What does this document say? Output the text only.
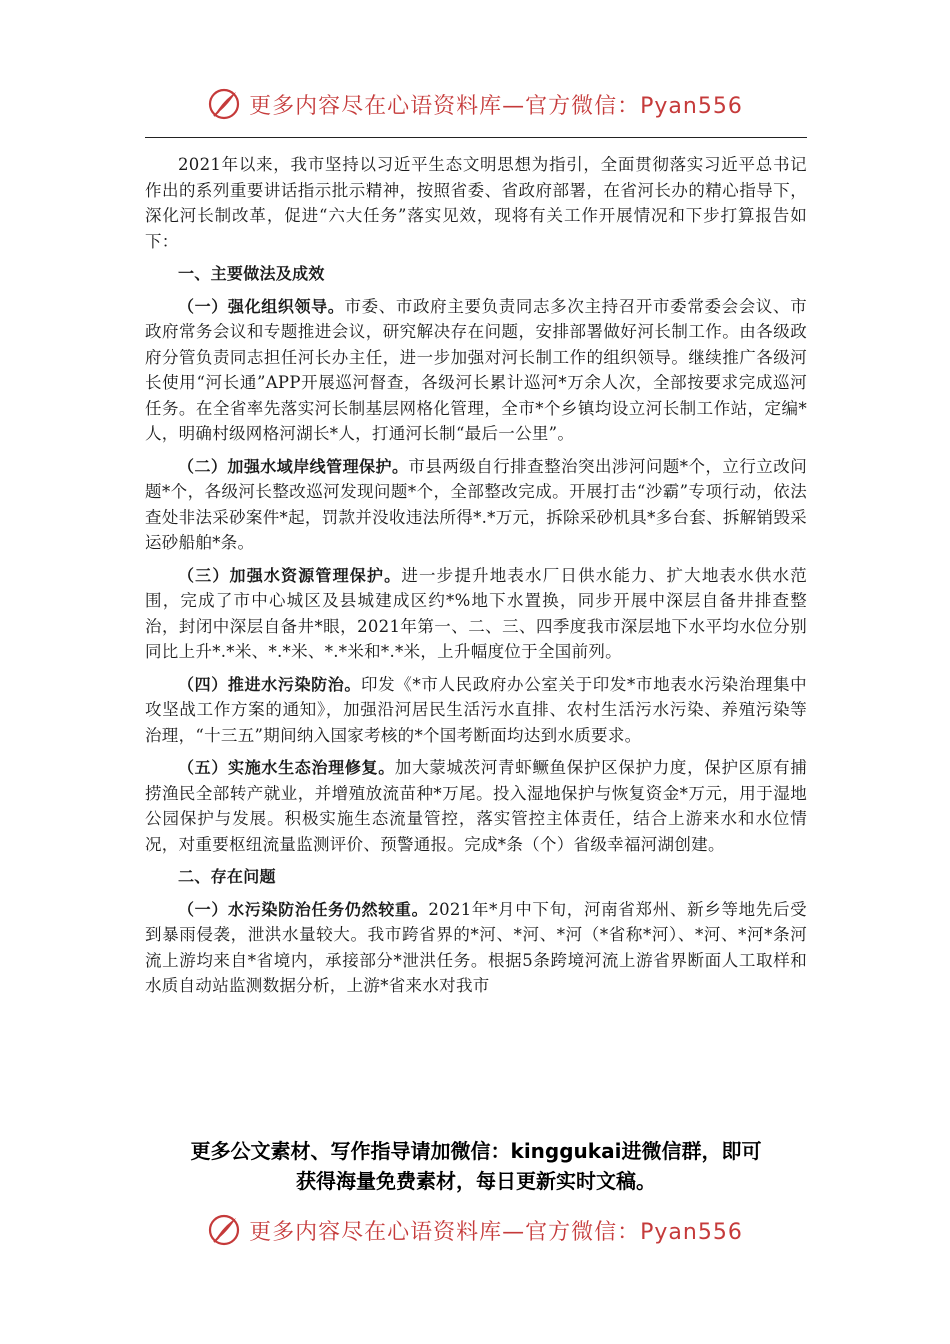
更多内容尽在心语资料库—官方微信：Pyan556

2021年以来，我市坚持以习近平生态文明思想为指引，全面贯彻落实习近平总书记作出的系列重要讲话指示批示精神，按照省委、省政府部署，在省河长办的精心指导下，深化河长制改革，促进“六大任务”落实见效，现将有关工作开展情况和下步打算报告如下：

一、主要做法及成效

（一）强化组织领导。市委、市政府主要负责同志多次主持召开市委常委会会议、市政府常务会议和专题推进会议，研究解决存在问题，安排部署做好河长制工作。由各级政府分管负责同志担任河长办主任，进一步加强对河长制工作的组织领导。继续推广各级河长使用“河长通”APP开展巡河督查，各级河长累计巡河*万余人次，全部按要求完成巡河任务。在全省率先落实河长制基层网格化管理，全市*个乡镇均设立河长制工作站，定编*人，明确村级网格河湖长*人，打通河长制“最后一公里”。

（二）加强水域岸线管理保护。市县两级自行排查整治突出涉河问题*个，立行立改问题*个，各级河长整改巡河发现问题*个，全部整改完成。开展打击“沙霸”专项行动，依法查处非法采砂案件*起，罚款并没收违法所得*.*万元，拆除采砂机具*多台套、拆解销毁采运砂船舶*条。

（三）加强水资源管理保护。进一步提升地表水厂日供水能力、扩大地表水供水范围，完成了市中心城区及县城建成区约*%地下水置换，同步开展中深层自备井排查整治，封闭中深层自备井*眼，2021年第一、二、三、四季度我市深层地下水平均水位分别同比上升*.*米、*.*米、*.*米和*.*米，上升幅度位于全国前列。

（四）推进水污染防治。印发《*市人民政府办公室关于印发*市地表水污染治理集中攻坚战工作方案的通知》，加强沿河居民生活污水直排、农村生活污水污染、养殖污染等治理，“十三五”期间纳入国家考核的*个国考断面均达到水质要求。

（五）实施水生态治理修复。加大蒙城茨河青虾鳜鱼保护区保护力度，保护区原有捕捞渔民全部转产就业，并增殖放流苗种*万尾。投入湿地保护与恢复资金*万元，用于湿地公园保护与发展。积极实施生态流量管控，落实管控主体责任，结合上游来水和水位情况，对重要枢纽流量监测评价、预警通报。完成*条（个）省级幸福河湖创建。

二、存在问题

（一）水污染防治任务仍然较重。2021年*月中下旬，河南省郑州、新乡等地先后受到暴雨侵袭，泄洪水量较大。我市跨省界的*河、*河、*河（*省称*河）、*河、*河*条河流上游均来自*省境内，承接部分*泄洪任务。根据5条跨境河流上游省界断面人工取样和水质自动站监测数据分析，上游*省来水对我市

更多公文素材、写作指导请加微信：kinggukai进微信群，即可
获得海量免费素材，每日更新实时文稿。
更多内容尽在心语资料库—官方微信：Pyan556
